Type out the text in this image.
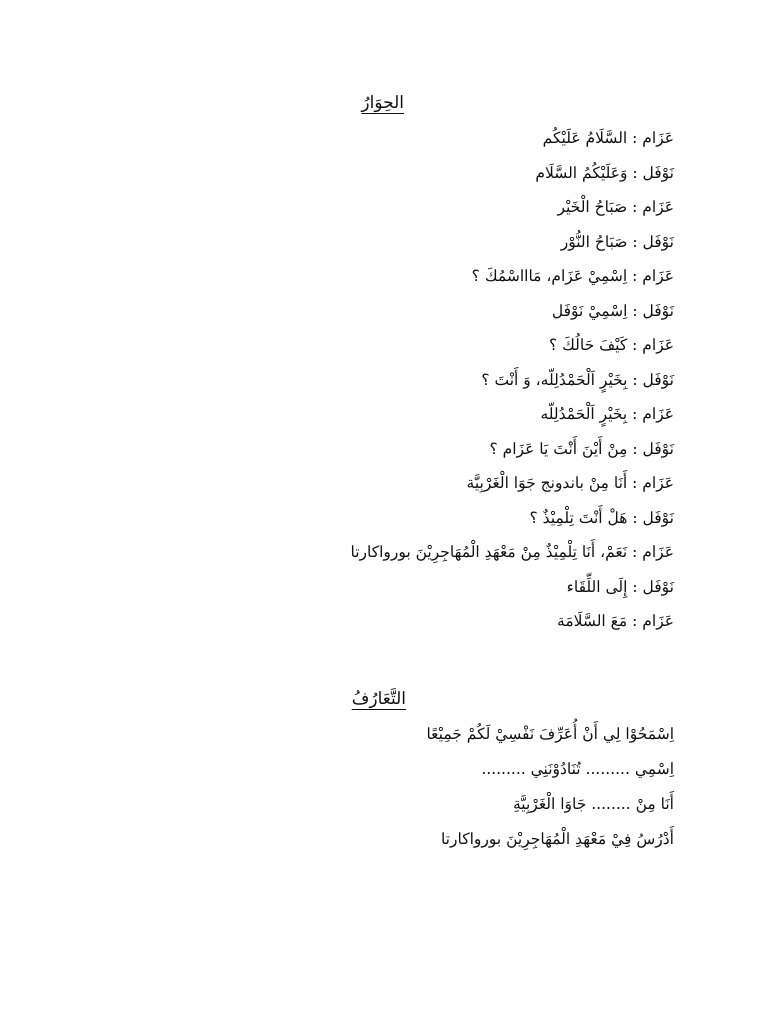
الحِوَارُ
عَزَام : السَّلَامُ عَلَيْكُم
نَوْفَل : وَعَلَيْكُمُ السَّلَام
عَزَام : صَبَاحُ الْخَيْر
نَوْفَل : صَبَاحُ النُّوْر
عَزَام : اِسْمِيْ عَزَام، مَاااسْمُكَ ؟
نَوْفَل : اِسْمِيْ نَوْفَل
عَزَام : كَيْفَ حَالُكَ ؟
نَوْفَل : بِخَيْرٍ اَلْحَمْدُلِلّه، وَ أَنْتَ ؟
عَزَام : بِخَيْرٍ اَلْحَمْدُلِلّه
نَوْفَل : مِنْ أَيْنَ أَنْتَ يَا عَزَام ؟
عَزَام : أَنَا مِنْ باندونج جَوَا الْغَرْبِيَّة
نَوْفَل : هَلْ أَنْتَ تِلْمِيْذٌ ؟
عَزَام : نَعَمْ، أَنَا تِلْمِيْذٌ مِنْ مَعْهَدِ الْمُهَاجِرِيْنَ بورواكارتا
نَوْفَل : إِلَى اللِّقَاء
عَزَام : مَعَ السَّلَامَة
التَّعَارُفُ
اِسْمَحُوْا لِي أَنْ أُعَرِّفَ نَفْسِيْ لَكُمْ جَمِيْعًا
اِسْمِي ......... تُنَادُوْنَنِي .........
أَنَا مِنْ ........ جَاوَا الْغَرْبِيَّةِ
أَدْرُسُ فِيْ مَعْهَدِ الْمُهَاجِرِيْنَ بورواكارتا
